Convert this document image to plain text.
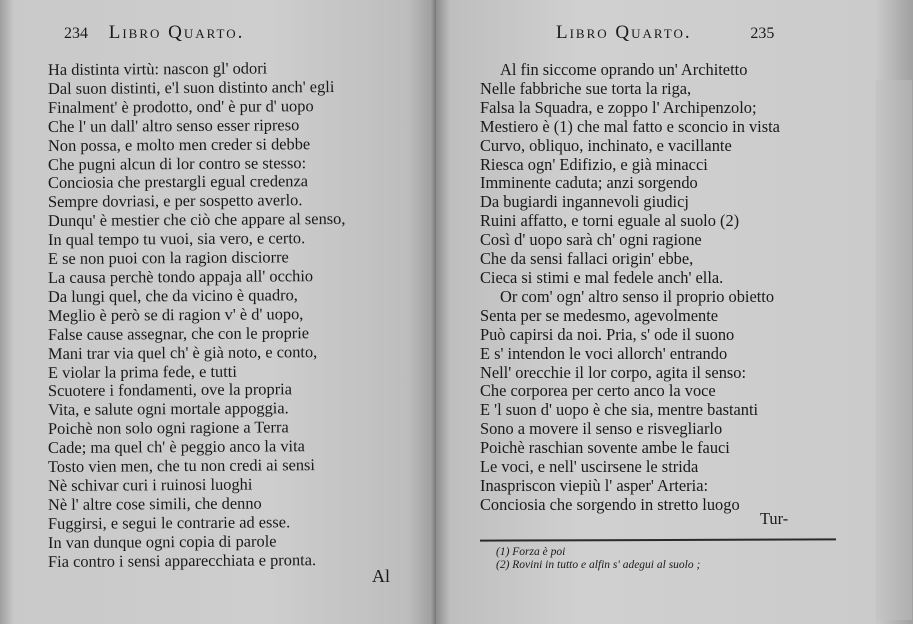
234 Libro Quarto.
Ha distinta virtù: nascon gl' odori
Dal suon distinti, e'l suon distinto anch' egli
Finalment' è prodotto, ond' è pur d' uopo
Che l' un dall' altro senso esser ripreso
Non possa, e molto men creder si debbe
Che pugni alcun di lor contro se stesso:
Conciosia che prestargli egual credenza
Sempre dovriasi, e per sospetto averlo.
Dunqu' è mestier che ciò che appare al senso,
In qual tempo tu vuoi, sia vero, e certo.
E se non puoi con la ragion disciorre
La causa perchè tondo appaja all' occhio
Da lungi quel, che da vicino è quadro,
Meglio è però se di ragion v' è d' uopo,
False cause assegnar, che con le proprie
Mani trar via quel ch' è già noto, e conto,
E violar la prima fede, e tutti
Scuotere i fondamenti, ove la propria
Vita, e salute ogni mortale appoggia.
Poichè non solo ogni ragione a Terra
Cade; ma quel ch' è peggio anco la vita
Tosto vien men, che tu non credi ai sensi
Nè schivar curi i ruinosi luoghi
Nè l' altre cose simili, che denno
Fuggirsi, e segui le contrarie ad esse.
In van dunque ogni copia di parole
Fia contro i sensi apparecchiata e pronta.
Al
Libro Quarto.	235
Al fin siccome oprando un' Architetto
Nelle fabbriche sue torta la riga,
Falsa la Squadra, e zoppo l' Archipenzolo;
Mestiero è (1) che mal fatto e sconcio in vista
Curvo, obliquo, inchinato, e vacillante
Riesca ogn' Edifizio, e già minacci
Imminente caduta; anzi sorgendo
Da bugiardi ingannevoli giudicj
Ruini affatto, e torni eguale al suolo (2)
Così d' uopo sarà ch' ogni ragione
Che da sensi fallaci origin' ebbe,
Cieca si stimi e mal fedele anch' ella.
Or com' ogn' altro senso il proprio obietto
Senta per se medesmo, agevolmente
Può capirsi da noi. Pria, s' ode il suono
E s' intendon le voci allorch' entrando
Nell' orecchie il lor corpo, agita il senso:
Che corporea per certo anco la voce
E 'l suon d' uopo è che sia, mentre bastanti
Sono a movere il senso e risvegliarlo
Poichè raschian sovente ambe le fauci
Le voci, e nell' uscirsene le strida
Inaspriscon viepiù l' asper' Arteria:
Conciosia che sorgendo in stretto luogo
Tur-
(1) Forza è poi
(2) Rovini in tutto e alfin s' adegui al suolo ;
